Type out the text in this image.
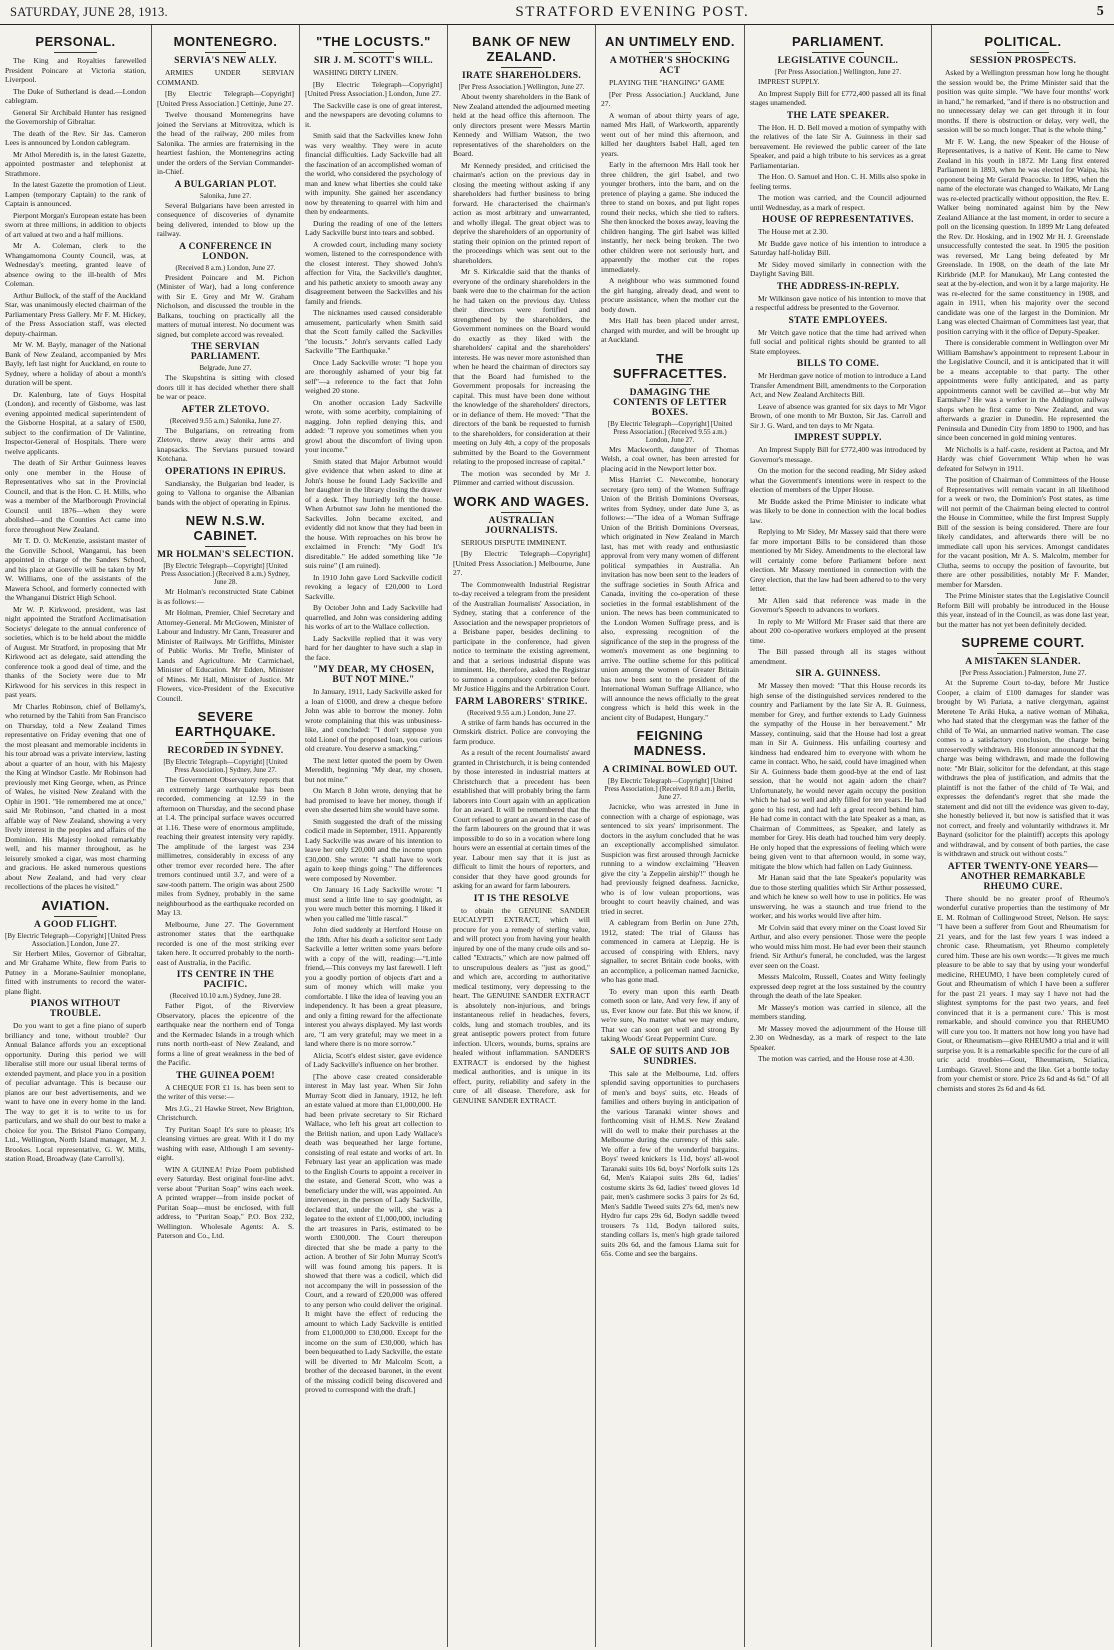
SATURDAY, JUNE 28, 1913.	STRATFORD EVENING POST.	5
PERSONAL.

The King and Royalties farewelled President Poincare at Victoria station, Liverpool.

The Duke of Sutherland is dead.—London cablegram.

General Sir Archibald Hunter has resigned the Governorship of Gibraltar.

The death of the Rev. Sir Jas. Cameron Lees is announced by London cablegram.

Mr Athol Meredith is, in the latest Gazette, appointed postmaster and telephonist at Strathmore.

In the latest Gazette the promotion of Lieut. Lampen (temporary Captain) to the rank of Captain is announced.

Pierpont Morgan's European estate has been sworn at three millions, in addition to objects of art valued at two and a half millions.

Mr A. Coleman, clerk to the Whangamomona County Council, was, at Wednesday's meeting, granted leave of absence owing to the ill-health of Mrs Coleman.

Arthur Bullock, of the staff of the Auckland Star, was unanimously elected chairman of the Parliamentary Press Gallery. Mr F. M. Hickey, of the Press Association staff, was elected deputy-chairman.

Mr W. M. Bayly, manager of the National Bank of New Zealand, accompanied by Mrs Bayly, left last night for Auckland, en route to Sydney, where a holiday of about a month's duration will be spent.

Dr. Kalenburg, late of Guys Hospital (London), and recently of Gisborne, was last evening appointed medical superintendent of the Gisborne Hospital, at a salary of £500, subject to the confirmation of Dr Valintine, Inspector-General of Hospitals. There were twelve applicants.

The death of Sir Arthur Guinness leaves only one member in the House of Representatives who sat in the Provincial Council, and that is the Hon. C. H. Mills, who was a member of the Marlborough Provincial Council until 1876—when they were abolished—and the Counties Act came into force throughout New Zealand.

Mr T. D. O. McKenzie, assistant master of the Gonville School, Wanganui, has been appointed in charge of the Sanders School, and his place at Gonville will be taken by Mr W. Williams, one of the assistants of the Mawera School, and formerly connected with the Whanganui District High School.

Mr W. P. Kirkwood, president, was last night appointed the Stratford Acclimatisation Societys' delegate to the annual conference of societies, which is to be held about the middle of August. Mr Stratford, in proposing that Mr Kirkwood act as delegate, said attending the conference took a good deal of time, and the thanks of the Society were due to Mr Kirkwood for his services in this respect in past years.

Mr Charles Robinson, chief of Bellamy's, who returned by the Tahiti from San Francisco on Thursday, told a New Zealand Times representative on Friday evening that one of the most pleasant and memorable incidents in his tour abroad was a private interview, lasting about a quarter of an hour, with his Majesty the King at Windsor Castle. Mr Robinson had previously met King George, when, as Prince of Wales, he visited New Zealand with the Ophir in 1901. "He remembered me at once," said Mr Robinson, "and chatted in a most affable way of New Zealand, showing a very lively interest in the peoples and affairs of the Dominion. His Majesty looked remarkably well, and his manner throughout, as he leisurely smoked a cigar, was most charming and gracious. He asked numerous questions about New Zealand, and had very clear recollections of the places he visited."

AVIATION.
A GOOD FLIGHT.
[By Electric Telegraph—Copyright] [United Press Association.] London, June 27.

Sir Herbert Miles, Governor of Gibraltar, and Mr Grahame White, flew from Paris to Putney in a Morane-Saulnier monoplane, fitted with instruments to record the water-plane flight.

PIANOS WITHOUT TROUBLE.

Do you want to get a fine piano of superb brilliancy and tone, without trouble? Our Annual Balance affords you an exceptional opportunity. During this period we will liberalise still more our usual liberal terms of extended payment, and place you in a position of peculiar advantage. This is because our pianos are our best advertisements, and we want to have one in every home in the land. The way to get it is to write to us for particulars, and we shall do our best to make a choice for you. The Bristol Piano Company, Ltd., Wellington, North Island manager, M. J. Brookes. Local representative, G. W. Mills, station Road, Broadway (late Carroll's).

MONTENEGRO.
SERVIA'S NEW ALLY.

ARMIES UNDER SERVIAN COMMAND.

[By Electric Telegraph—Copyright] [United Press Association.] Cettinje, June 27.

Twelve thousand Montenegrins have joined the Servians at Mitrovitza, which is the head of the railway, 200 miles from Salonika. The armies are fraternising in the heartiest fashion, the Montenegrins acting under the orders of the Servian Commander-in-Chief.

A BULGARIAN PLOT.
Salonika, June 27.

Several Bulgarians have been arrested in consequence of discoveries of dynamite being delivered, intended to blow up the railway.

A CONFERENCE IN LONDON.
(Received 8 a.m.) London, June 27.

President Poincare and M. Pichon (Minister of War), had a long conference with Sir E. Grey and Mr W. Graham Nicholson, and discussed the trouble in the Balkans, touching on practically all the matters of mutual interest. No document was signed, but complete accord was revealed.

THE SERVIAN PARLIAMENT.
Belgrade, June 27.

The Skupshtina is sitting with closed doors till it has decided whether there shall be war or peace.

AFTER ZLETOVO.
(Received 9.55 a.m.) Salonika, June 27.

The Bulgarians, on retreating from Zletovo, threw away their arms and knapsacks. The Servians pursued toward Kotchana.

OPERATIONS IN EPIRUS.

Sandiansky, the Bulgarian bnd leader, is going to Vallona to organise the Albanian bands with the object of operating in Epirus.

NEW N.S.W. CABINET.
MR HOLMAN'S SELECTION.
[By Electric Telegraph—Copyright] [United Press Association.] (Received 8 a.m.) Sydney, June 28.

Mr Holman's reconstructed State Cabinet is as follows:—

Mr Holman, Premier, Chief Secretary and Attorney-General. Mr McGowen, Minister of Labour and Industry. Mr Cann, Treasurer and Minister of Railways. Mr Griffiths, Minister of Public Works. Mr Trefle, Minister of Lands and Agriculture. Mr Carmichael, Minister of Education. Mr Edden, Minister of Mines. Mr Hall, Minister of Justice. Mr Flowers, vice-President of the Executive Council.

SEVERE EARTHQUAKE.
RECORDED IN SYDNEY.
[By Electric Telegraph—Copyright] [United Press Association.] Sydney, June 27.

The Government Observatory reports that an extremely large earthquake has been recorded, commencing at 12.59 in the afternoon on Thursday, and the second phase at 1.4. The principal surface waves occurred at 1.16. These were of enormous amplitude, reaching their greatest intensity very rapidly. The amplitude of the largest was 234 millimetres, considerably in excess of any other tremor ever recorded here. The after tremors continued until 3.7, and were of a saw-tooth pattern. The origin was about 2500 miles from Sydney, probably in the same neighbourhood as the earthquake recorded on May 13.

Melbourne, June 27. The Government astronomer states that the earthquake recorded is one of the most striking ever taken here. It occurred probably to the north-east of Australia, in the Pacific.

ITS CENTRE IN THE PACIFIC.
(Received 10.10 a.m.) Sydney, June 28.

Father Pigot, of the Riverview Observatory, places the epicentre of the earthquake near the northern end of Tonga and the Kermadec Islands in a trough which runs north north-east of New Zealand, and forms a line of great weakness in the bed of the Pacific.

THE GUINEA POEM!

A CHEQUE FOR £1 1s. has been sent to the writer of this verse:—

Mrs J.G., 21 Hawke Street, New Brighton, Christchurch.

Try Puritan Soap! It's sure to please; It's cleansing virtues are great. With it I do my washing with ease, Although I am seventy-eight.

WIN A GUINEA! Prize Poem published every Saturday. Best original four-line advt. verse about "Puritan Soap" wins each week. A printed wrapper—from inside pocket of Puritan Soap—must be enclosed, with full address, to "Puritan Soap," P.O. Box 232, Wellington. Wholesale Agents: A. S. Paterson and Co., Ltd.

"THE LOCUSTS."
SIR J. M. SCOTT'S WILL.

WASHING DIRTY LINEN.

[By Electric Telegraph—Copyright] [United Press Association.] London, June 27.

The Sackville case is one of great interest, and the newspapers are devoting columns to it.

Smith said that the Sackvilles knew John was very wealthy. They were in acute financial difficulties. Lady Sackville had all the fascination of an accomplished woman of the world, who considered the psychology of man and knew what liberties she could take with impunity. She gained her ascendancy now by threatening to quarrel with him and then by endearments.

During the reading of one of the letters Lady Sackville burst into tears and sobbed.

A crowded court, including many society women, listened to the correspondence with the closest interest. They showed John's affection for Vita, the Sackville's daughter, and his pathetic anxiety to smooth away any disagreement between the Sackvilles and his family and friends.

The nicknames used caused considerable amusement, particularly when Smith said that the Scott family called the Sackvilles "the locusts." John's servants called Lady Sackville "The Earthquake."

Once Lady Sackville wrote: "I hope you are thoroughly ashamed of your big fat self"—a reference to the fact that John weighed 20 stone.

On another occasion Lady Sackville wrote, with some acerbity, complaining of nagging. John replied denying this, and added: "I reprove you sometimes when you growl about the discomfort of living upon your income."

Smith stated that Major Arbutnot would give evidence that when asked to dine at John's house he found Lady Sackville and her daughter in the library closing the drawer of a desk. They hurriedly left the house. When Arbutnot saw John he mentioned the Sackvilles. John became excited, and evidently did not know that they had been in the house. With reproaches on his brow he exclaimed in French: "My God! It's disreditable." He added something like "Je suis ruine" (I am ruined).

In 1910 John gave Lord Sackville codicil revoking a legacy of £20,000 to Lord Sackville.

By October John and Lady Sackville had quarrelled, and John was considering adding his works of art to the Wallace collection.

Lady Sackville replied that it was very hard for her daughter to have such a slap in the face.

"MY DEAR, MY CHOSEN, BUT NOT MINE."

In January, 1911, Lady Sackville asked for a loan of £1000, and drew a cheque before John was able to borrow the money. John wrote complaining that this was unbusiness-like, and concluded: "I don't suppose you told Lionel of the proposed loan, you curious old creature. You deserve a smacking."

The next letter quoted the poem by Owen Meredith, beginning "My dear, my chosen, but not mine."

On March 8 John wrote, denying that he had promised to leave her money, though if even she deserted him she would have some.

Smith suggested the draft of the missing codicil made in September, 1911. Apparently Lady Sackville was aware of his intention to leave her only £20,000 and the income upon £30,000. She wrote: "I shall have to work again to keep things going." The differences were composed by November.

On January 16 Lady Sackville wrote: "I must send a little line to say goodnight, as you were much better this morning. I liked it when you called me 'little rascal.'"

John died suddenly at Hertford House on the 18th. After his death a solicitor sent Lady Sackville a letter written some years before with a copy of the will, reading:—"Little friend,—This conveys my last farewell. I left you a goodly portion of objects d'art and a sum of money which will make you comfortable. I like the idea of leaving you an independency. It has been a great pleasure, and only a fitting reward for the affectionate interest you always displayed. My last words are, "I am very grateful; may we meet in a land where there is no more sorrow."

Alicia, Scott's eldest sister, gave evidence of Lady Sackville's influence on her brother.

[The above case created considerable interest in May last year. When Sir John Murray Scott died in January, 1912, he left an estate valued at more than £1,000,000. He had been private secretary to Sir Richard Wallace, who left his great art collection to the British nation, and upon Lady Wallace's death was bequeathed her large fortune, consisting of real estate and works of art. In February last year an application was made to the English Courts to appoint a receiver in the estate, and General Scott, who was a beneficiary under the will, was appointed. An interveneer, in the person of Lady Sackville, declared that, under the will, she was a legatee to the extent of £1,000,000, including the art treasures in Paris, estimated to be worth £300,000. The Court thereupon directed that she be made a party to the action. A brother of Sir John Murray Scott's will was found among his papers. It is showed that there was a codicil, which did not accompany the will in possession of the Court, and a reward of £20,000 was offered to any person who could deliver the original. It might have the effect of reducing the amount to which Lady Sackville is entitled from £1,000,000 to £30,000. Except for the income on the sum of £30,000, which has been bequeathed to Lady Sackville, the estate will be diverted to Mr Malcolm Scott, a brother of the deceased baronet, in the event of the missing codicil being discovered and proved to correspond with the draft.]

BANK OF NEW ZEALAND.
IRATE SHAREHOLDERS.
[Per Press Association.] Wellington, June 27.

About twenty shareholders in the Bank of New Zealand attended the adjourned meeting held at the head office this afternoon. The only directors present were Messrs Martin Kennedy and William Watson, the two representatives of the shareholders on the Board.

Mr Kennedy presided, and criticised the chairman's action on the previous day in closing the meeting without asking if any shareholders had further business to bring forward. He characterised the chairman's action as most arbitrary and unwarranted, and wholly illegal. The great object was to deprive the shareholders of an opportunity of stating their opinion on the printed report of the proceedings which was sent out to the shareholders.

Mr S. Kirkcaldie said that the thanks of everyone of the ordinary shareholders in the bank were due to the chairman for the action he had taken on the previous day. Unless their directors were fortified and strengthened by the shareholders, the Government nominees on the Board would do exactly as they liked with the shareholders' capital and the shareholders' interests. He was never more astonished than when he heard the chairman of directors say that the Board had furnished to the Government proposals for increasing the capital. This must have been done without the knowledge of the shareholders' directors, or in defiance of them. He moved: "That the directors of the bank be requested to furnish to the shareholders, for consideration at their meeting on July 4th, a copy of the proposals submitted by the Board to the Government relating to the proposed increase of capital."

The motion was seconded by Mr J. Plimmer and carried without discussion.

WORK AND WAGES.
AUSTRALIAN JOURNALISTS.

SERIOUS DISPUTE IMMINENT.

[By Electric Telegraph—Copyright] [United Press Association.] Melbourne, June 27.

The Commonwealth Industrial Registrar to-day received a telegram from the president of the Australian Journalists' Association, in Sydney, stating that a conference of the Association and the newspaper proprietors of a Brisbane paper, besides declining to participate in the conference, had given notice to terminate the existing agreement, and that a serious industrial dispute was imminent. He, therefore, asked the Registrar to summon a compulsory conference before Mr Justice Higgins and the Arbitration Court.

FARM LABORERS' STRIKE.
(Received 9.55 a.m.) London, June 27.

A strike of farm hands has occurred in the Ormskirk district. Police are convoying the farm produce.

As a result of the recent Journalists' award granted in Christchurch, it is being contended by those interested in industrial matters at Christchurch that a precedent has been established that will probably bring the farm laborers into Court again with an application for an award. It will be remembered that the Court refused to grant an award in the case of the farm labourers on the ground that it was impossible to do so in a vocation where long hours were an essential at certain times of the year. Labour men say that it is just as difficult to limit the hours of reporters, and consider that they have good grounds for asking for an award for farm labourers.

IT IS THE RESOLVE

to obtain the GENUINE SANDER EUCALYPTI EXTRACT, which will procure for you a remedy of sterling value, and will protect you from having your health injured by one of the many crude oils and so-called "Extracts," which are now palmed off to unscrupulous dealers as "just as good," and which are, according to authoritative medical testimony, very depressing to the heart. The GENUINE SANDER EXTRACT is absolutely non-injurious, and brings instantaneous relief in headaches, fevers, colds, lung and stomach troubles, and its great antiseptic powers protect from future infection. Ulcers, wounds, burns, sprains are healed without inflammation. SANDER'S EXTRACT is endorsed by the highest medical authorities, and is unique in its effect, purity, reliability and safety in the cure of all disease. Therefore, ask for GENUINE SANDER EXTRACT.

AN UNTIMELY END.
A MOTHER'S SHOCKING ACT

PLAYING THE "HANGING" GAME

[Per Press Association.] Auckland, June 27.

A woman of about thirty years of age, named Mrs Hall, of Warkworth, apparently went out of her mind this afternoon, and killed her daughters Isabel Hall, aged ten years.

Early in the afternoon Mrs Hall took her three children, the girl Isabel, and two younger brothers, into the barn, and on the pretence of playing a game. She induced the three to stand on boxes, and put light ropes round their necks, which she tied to rafters. She then knocked the boxes away, leaving the children hanging. The girl Isabel was killed instantly, her neck being broken. The two other children were not seriously hurt, and apparently the mother cut the ropes immediately.

A neighbour who was summoned found the girl hanging, already dead, and went to procure assistance, when the mother cut the body down.

Mrs Hall has been placed under arrest, charged with murder, and will be brought up at Auckland.

THE SUFFRACETTES.
DAMAGING THE CONTENTS OF LETTER BOXES.
[By Electric Telegraph—Copyright] [United Press Association.] (Received 9.55 a.m.) London, June 27.

Mrs Mackworth, daughter of Thomas Welsh, a coal owner, has been arrested for placing acid in the Newport letter box.

Miss Harriet C. Newcombe, honorary secretary (pro tem) of the Women Suffrage Union of the British Dominions Overseas, writes from Sydney, under date June 3, as follows:—"The idea of a Woman Suffrage Union of the British Dominions Overseas, which originated in New Zealand in March last, has met with ready and enthusiastic approval from very many women of different political sympathies in Australia. An invitation has now been sent to the leaders of the suffrage societies in South Africa and Canada, inviting the co-operation of these societies in the formal establishment of the union. The news has been communicated to the London Women Suffrage press, and is also, expressing recognition of the significance of the step in the progress of the women's movement as one beginning to arrive. The outline scheme for this political union among the women of Greater Britain has now been sent to the president of the International Woman Suffrage Alliance, who will announce the news officially to the great congress which is held this week in the ancient city of Budapest, Hungary."

FEIGNING MADNESS.
A CRIMINAL BOWLED OUT.
[By Electric Telegraph—Copyright] [United Press Association.] (Received 8.0 a.m.) Berlin, June 27.

Jacnicke, who was arrested in June in connection with a charge of espionage, was sentenced to six years' imprisonment. The doctors in the asylum concluded that he was an exceptionally accomplished simulator. Suspicion was first aroused through Jacnicke running to a window exclaiming "Heaven give the city 'a Zeppelin airship'!" though he had previously feigned deafness. Jacnicke, who is of low vulean proportions, was brought to court heavily chained, and was tried in secret.

A cablegram from Berlin on June 27th, 1912, stated: The trial of Glauss has commenced in camera at Liepzig. He is accused of conspiring with Ehlers, navy signaller, to secret Britain code books, with an accomplice, a policeman named Jacnicke, who has gone mad.

To every man upon this earth Death cometh soon or late, And very few, if any of us, Ever know our fate. But this we know, if we're sure, No matter what we may endure, That we can soon get well and strong By taking Woods' Great Peppermint Cure.

SALE OF SUITS AND JOB SUNDRIES.

This sale at the Melbourne, Ltd. offers splendid saving opportunities to purchasers of men's and boys' suits, etc. Heads of families and others buying in anticipation of the various Taranaki winter shows and forthcoming visit of H.M.S. New Zealand will do well to make their purchases at the Melbourne during the currency of this sale. We offer a few of the wonderful bargains. Boys' tweed knickers 1s 11d, boys' all-wool Taranaki suits 10s 6d, boys' Norfolk suits 12s 6d, Men's Kaiapoi suits 28s 6d, ladies' costume skirts 3s 6d, ladies' tweed gloves 1d pair, men's cashmere socks 3 pairs for 2s 6d, Men's Saddle Tweed suits 27s 6d, men's new Hydro fur caps 29s 6d, Bodyn saddle tweed trousers 7s 11d, Bodyn tailored suits, standing collars 1s, men's high grade tailored suits 20s 6d, and the famous Llama suit for 65s. Come and see the bargains.

PARLIAMENT.
LEGISLATIVE COUNCIL.
[Per Press Association.] Wellington, June 27.

IMPREST SUPPLY.

An Imprest Supply Bill for £772,400 passed all its final stages unamended.

THE LATE SPEAKER.

The Hon. H. D. Bell moved a motion of sympathy with the relatives of the late Sir A. Guinness in their sad bereavement. He reviewed the public career of the late Speaker, and paid a high tribute to his services as a great Parliamentarian.

The Hon. O. Samuel and Hon. C. H. Mills also spoke in feeling terms.

The motion was carried, and the Council adjourned until Wednesday, as a mark of respect.

HOUSE OF REPRESENTATIVES.

The House met at 2.30.

Mr Budde gave notice of his intention to introduce a Saturday half-holiday Bill.

Mr Sidey moved similarly in connection with the Daylight Saving Bill.

THE ADDRESS-IN-REPLY.

Mr Wilkinson gave notice of his intention to move that a respectful address be presented to the Governor.

STATE EMPLOYEES.

Mr Veitch gave notice that the time had arrived when full social and political rights should be granted to all State employees.

BILLS TO COME.

Mr Herdman gave notice of motion to introduce a Land Transfer Amendment Bill, amendments to the Corporation Act, and New Zealand Architects Bill.

Leave of absence was granted for six days to Mr Vigor Brown, of one month to Mr Buxton, Sir Jas. Carroll and Sir J. G. Ward, and ten days to Mr Ngata.

IMPREST SUPPLY.

An Imprest Supply Bill for £772,400 was introduced by Governor's message.

On the motion for the second reading, Mr Sidey asked what the Government's intentions were in respect to the election of members of the Upper House.

Mr Budde asked the Prime Minister to indicate what was likely to be done in connection with the local bodies law.

Replying to Mr Sidey, Mr Massey said that there were far more important Bills to be considered than those mentioned by Mr Sidey. Amendments to the electoral law will certainly come before Parliament before next election. Mr Massey mentioned in connection with the Grey election, that the law had been adhered to to the very letter.

Mr Allen said that reference was made in the Governor's Speech to advances to workers.

In reply to Mr Wilford Mr Fraser said that there are about 200 co-operative workers employed at the present time.

The Bill passed through all its stages without amendment.

SIR A. GUINNESS.

Mr Massey then moved: "That this House records its high sense of the distinguished services rendered to the country and Parliament by the late Sir A. R. Guinness, member for Grey, and further extends to Lady Guinness the sympathy of the House in her bereavement." Mr Massey, continuing, said that the House had lost a great man in Sir A. Guinness. His unfailing courtesy and kindness had endeared him to everyone with whom he came in contact. Who, he said, could have imagined when Sir A. Guinness bade them good-bye at the end of last session, that he would not again adorn the chair? Unfortunately, he would never again occupy the position which he had so well and ably filled for ten years. He had gone to his rest, and had left a great record behind him. He had come in contact with the late Speaker as a man, as Chairman of Committees, as Speaker, and lately as member for Grey. His death had touched him very deeply. He only hoped that the expressions of feeling which were being given vent to that afternoon would, in some way, mitigate the blow which had fallen on Lady Guinness.

Mr Hanan said that the late Speaker's popularity was due to those sterling qualities which Sir Arthur possessed, and which he knew so well how to use in politics. He was unswerving, he was a staunch and true friend to the worker, and his works would live after him.

Mr Colvin said that every miner on the Coast loved Sir Arthur, and also every pensioner. Those were the people who would miss him most. He had ever been their staunch friend. Sir Arthur's funeral, he concluded, was the largest ever seen on the Coast.

Messrs Malcolm, Russell, Coates and Witty feelingly expressed deep regret at the loss sustained by the country through the death of the late Speaker.

Mr Massey's motion was carried in silence, all the members standing.

Mr Massey moved the adjournment of the House till 2.30 on Wednesday, as a mark of respect to the late Speaker.

The motion was carried, and the House rose at 4.30.

POLITICAL.
SESSION PROSPECTS.

Asked by a Wellington pressman how long he thought the session would be, the Prime Minister said that the position was quite simple. "We have four months' work in hand," he remarked, "and if there is no obstruction and no unnecessary delay we can get through it in four months. If there is obstruction or delay, very well, the session will be so much longer. That is the whole thing."

Mr F. W. Lang, the new Speaker of the House of Representatives, is a native of Kent. He came to New Zealand in his youth in 1872. Mr Lang first entered Parliament in 1893, when he was elected for Waipa, his opponent being Mr Gerald Peacocke. In 1896, when the name of the electorate was changed to Waikato, Mr Lang was re-elected practically without opposition, the Rev. E. Walker being nominated against him by the New Zealand Alliance at the last moment, in order to secure a poll on the licensing question. In 1899 Mr Lang defeated the Rev. Dr. Hosking, and in 1902 Mr H. J. Greenslade unsuccessfully contested the seat. In 1905 the position was reversed, Mr Lang being defeated by Mr Greenslade. In 1908, on the death of the late Mr Kirkbride (M.P. for Manukau), Mr Lang contested the seat at the by-election, and won it by a large majority. He was re-elected for the same constituency in 1908, and again in 1911, when his majority over the second candidate was one of the largest in the Dominion. Mr Lang was elected Chairman of Committees last year, that position carrying with it the office of Deputy-Speaker.

There is considerable comment in Wellington over Mr William Bamshaw's appointment to represent Labour in the Legislative Council, and it is anticipated that it will be a means acceptable to that party. The other appointments were fully anticipated, and as party appointments cannot well be cavilled at—but why Mr Earnshaw? He was a worker in the Addington railway shops when he first came to New Zealand, and was afterwards a grazier in Dunedin. He represented the Peninsula and Dunedin City from 1890 to 1900, and has since been concerned in gold mining ventures.

Mr Nicholls is a half-caste, resident at Pactoa, and Mr Hardy was chief Government Whip when he was defeated for Selwyn in 1911.

The position of Chairman of Committees of the House of Representatives will remain vacant in all likelihood for a week or two, the Dominion's Post states, as time will not permit of the Chairman being elected to control the House in Committee, while the first Imprest Supply Bill of the session is being considered. There are four likely candidates, and afterwards there will be no immediate call upon his services. Amongst candidates for the vacant position, Mr A. S. Malcolm, member for Clutha, seems to occupy the position of favourite, but there are other possibilities, notably Mr F. Mander, member for Marsden.

The Prime Minister states that the Legislative Council Reform Bill will probably be introduced in the House this year, instead of in the Council, as was done last year, but the matter has not yet been definitely decided.

SUPREME COURT.
A MISTAKEN SLANDER.
[Per Press Association.] Palmerston, June 27.

At the Supreme Court to-day, before Mr Justice Cooper, a claim of £100 damages for slander was brought by Wi Pariata, a native clergyman, against Meretene Te Ariki Huka, a native woman of Mihaka, who had stated that the clergyman was the father of the child of Te Wai, an unmarried native woman. The case comes to a satisfactory conclusion, the charge being unreservedly withdrawn. His Honour announced that the charge was being withdrawn, and made the following note: "Mr Blair, solicitor for the defendant, at this stage withdraws the plea of justification, and admits that the plaintiff is not the father of the child of Te Wai, and expresses the defendant's regret that she made the statement and did not till the evidence was given to-day, she honestly believed it, but now is satisfied that it was not correct, and freely and voluntarily withdraws it. Mr Baynard (solicitor for the plaintiff) accepts this apology and withdrawal, and by consent of both parties, the case is withdrawn and struck out without costs."

AFTER TWENTY-ONE YEARS—ANOTHER REMARKABLE RHEUMO CURE.

There should be no greater proof of Rheumo's wonderful curative properties than the testimony of Mr E. M. Rolman of Collingwood Street, Nelson. He says: "I have been a sufferer from Gout and Rheumatism for 21 years, and for the last few years I was indeed a chronic case. Rheumatism, yet Rheumo completely cured him. These are his own words:—'It gives me much pleasure to be able to say that by using your wonderful medicine, RHEUMO, I have been completely cured of Gout and Rheumatism of which I have been a sufferer for the past 21 years. I may say I have not had the slightest symptoms for the past two years, and feel convinced that it is a permanent cure.' This is most remarkable, and should convince you that RHEUMO will cure you too. It matters not how long you have had Gout, or Rheumatism—give RHEUMO a trial and it will surprise you. It is a remarkable specific for the cure of all uric acid troubles—Gout, Rheumatism, Sciatica, Lumbago. Gravel. Stone and the like. Get a bottle today from your chemist or store. Price 2s 6d and 4s 6d." Of all chemists and stores 2s 6d and 4s 6d.
